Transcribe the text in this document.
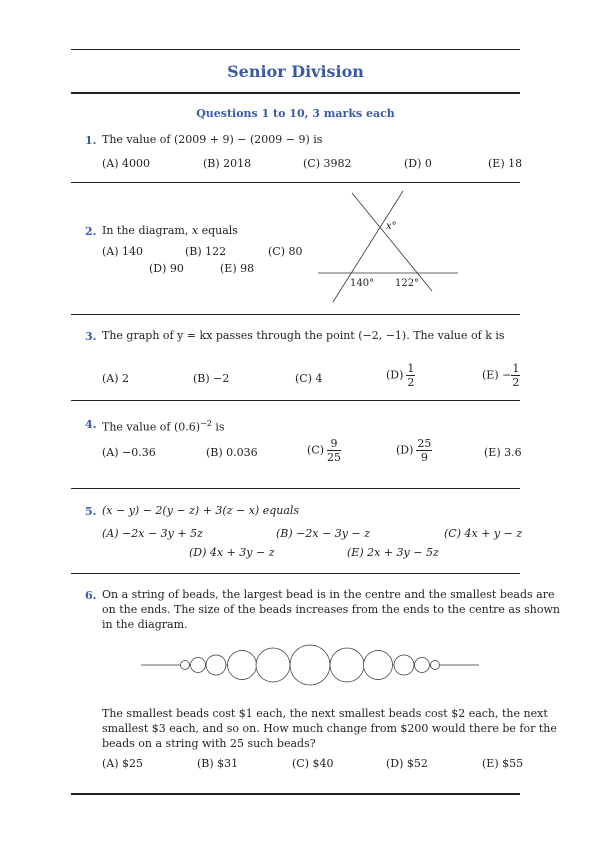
Senior Division
Questions 1 to 10, 3 marks each
1. The value of (2009 + 9) − (2009 − 9) is
(A) 4000	(B) 2018	(C) 3982	(D) 0	(E) 18
2. In the diagram, x equals
(A) 140	(B) 122	(C) 80
(D) 90	(E) 98
x°
140° 122°
3. The graph of y = kx passes through the point (−2, −1). The value of k is
(A) 2	(B) −2	(C) 4	$(D) \frac{1}{2}$	$(E) - \frac{1}{2}$
4. The value of $(0.6)^{-2}$ is
(A) −0.36	(B) 0.036	$(C) \frac{9}{25}$	$(D) \frac{25}{9}$	(E) 3.6
5. (x − y) − 2(y − z) + 3(z − x) equals
(A) −2x − 3y + 5z	(B) −2x − 3y − z	(C) 4x + y − z
(D) 4x + 3y − z	(E) 2x + 3y − 5z
6. On a string of beads, the largest bead is in the centre and the smallest beads are
on the ends. The size of the beads increases from the ends to the centre as shown
in the diagram.
The smallest beads cost $1 each, the next smallest beads cost $2 each, the next
smallest $3 each, and so on. How much change from $200 would there be for the
beads on a string with 25 such beads?
(A) $25	(B) $31	(C) $40	(D) $52	(E) $55
